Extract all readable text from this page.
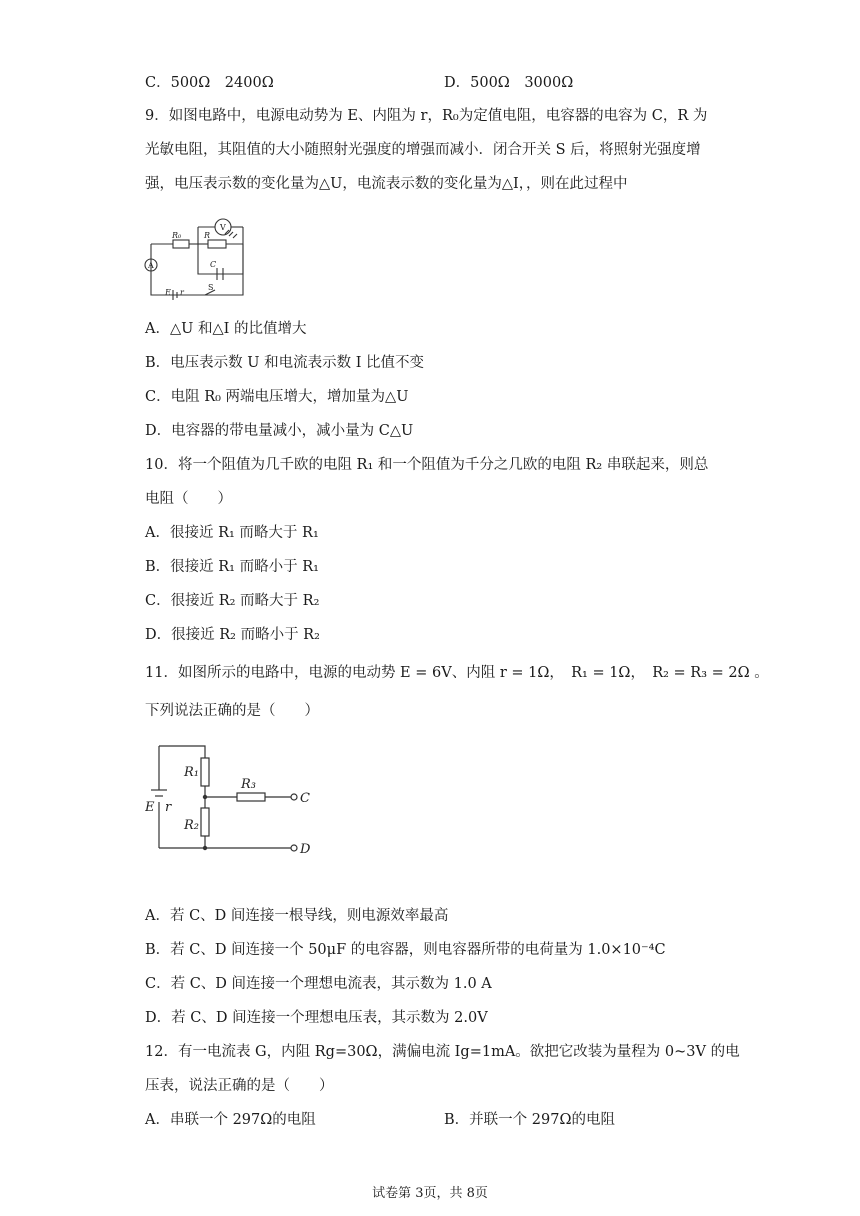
C．500Ω　2400Ω	D．500Ω　3000Ω
9．如图电路中，电源电动势为 E、内阻为 r，R₀为定值电阻，电容器的电容为 C，R 为
光敏电阻，其阻值的大小随照射光强度的增强而减小．闭合开关 S 后，将照射光强度增
强，电压表示数的变化量为△U，电流表示数的变化量为△I，，则在此过程中
V
A
R₀	R
C
E r
S
A．△U 和△I 的比值增大
B．电压表示数 U 和电流表示数 I 比值不变
C．电阻 R₀ 两端电压增大，增加量为△U
D．电容器的带电量减小，减小量为 C△U
10．将一个阻值为几千欧的电阻 R₁ 和一个阻值为千分之几欧的电阻 R₂ 串联起来，则总
电阻（　　）
A．很接近 R₁ 而略大于 R₁
B．很接近 R₁ 而略小于 R₁
C．很接近 R₂ 而略大于 R₂
D．很接近 R₂ 而略小于 R₂
11．如图所示的电路中，电源的电动势 E = 6V、内阻 r = 1Ω，　R₁ = 1Ω，　R₂ = R₃ = 2Ω 。
下列说法正确的是（　　）
R₁
R₃
R₂
E r
C
D
A．若 C、D 间连接一根导线，则电源效率最高
B．若 C、D 间连接一个 50μF 的电容器，则电容器所带的电荷量为 1.0×10⁻⁴C
C．若 C、D 间连接一个理想电流表，其示数为 1.0 A
D．若 C、D 间连接一个理想电压表，其示数为 2.0V
12．有一电流表 G，内阻 Rg=30Ω，满偏电流 Ig=1mA。欲把它改装为量程为 0~3V 的电
压表，说法正确的是（　　）
A．串联一个 297Ω的电阻	B．并联一个 297Ω的电阻
试卷第 3页，共 8页
